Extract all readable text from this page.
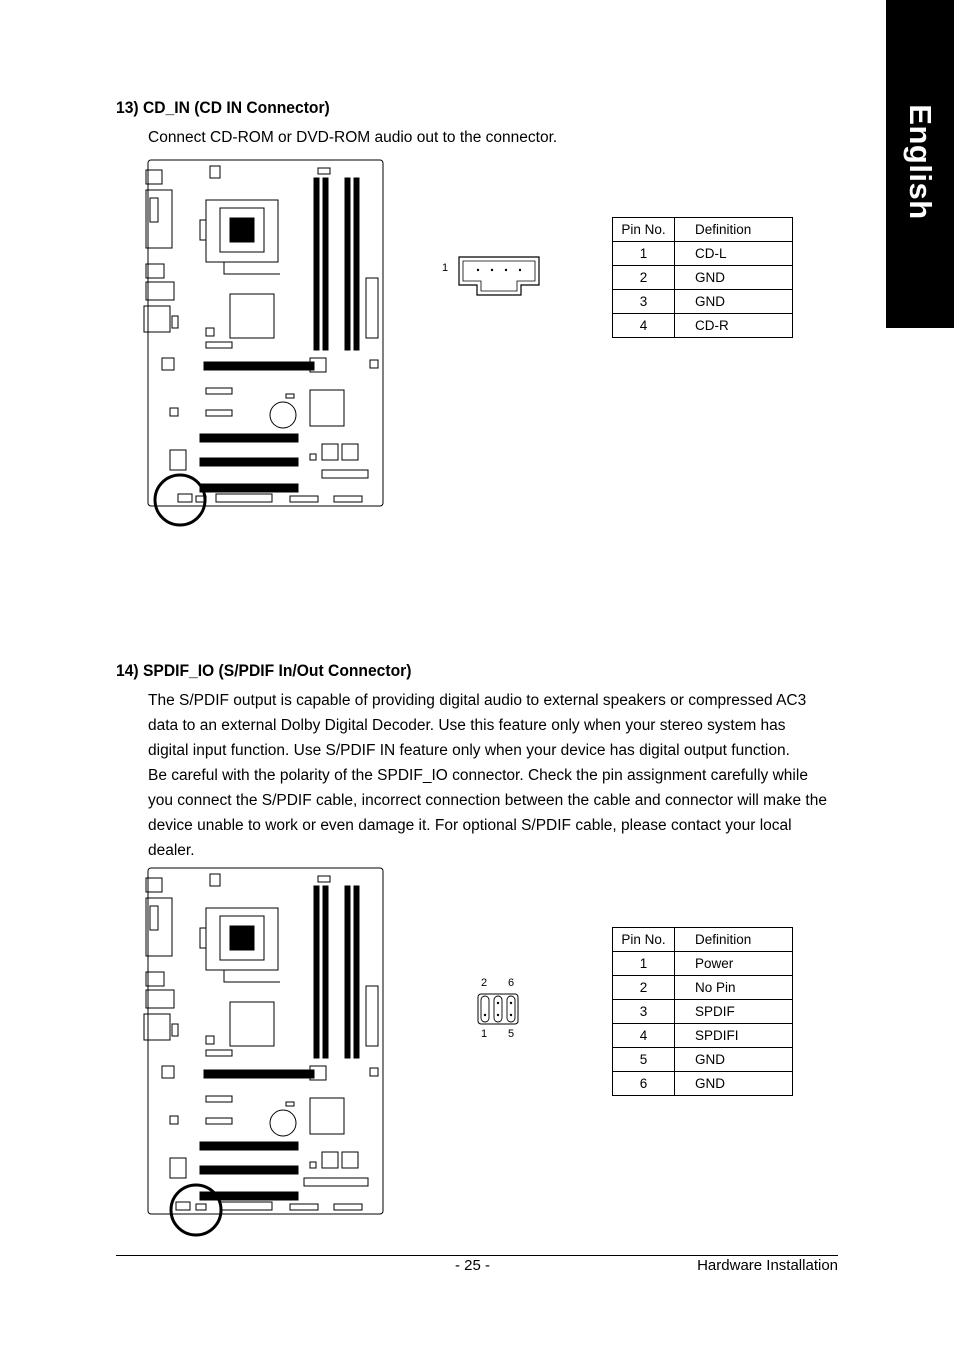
English
13) CD_IN (CD IN Connector)
Connect CD-ROM or DVD-ROM audio out to the connector.
1
Pin No.	Definition
1	CD-L
2	GND
3	GND
4	CD-R
14) SPDIF_IO (S/PDIF In/Out Connector)
The S/PDIF output is capable of providing digital audio to external speakers or compressed AC3
data to an external Dolby Digital Decoder. Use this feature only when your stereo system has
digital input function. Use S/PDIF IN feature only when your device has digital output function.
Be careful with the polarity of the SPDIF_IO connector. Check the pin assignment carefully while
you connect the S/PDIF cable, incorrect connection between the cable and connector will make the
device unable to work or even damage it. For optional S/PDIF cable, please contact your local
dealer.
2 6
1 5
Pin No.	Definition
1	Power
2	No Pin
3	SPDIF
4	SPDIFI
5	GND
6	GND
- 25 -	Hardware Installation
